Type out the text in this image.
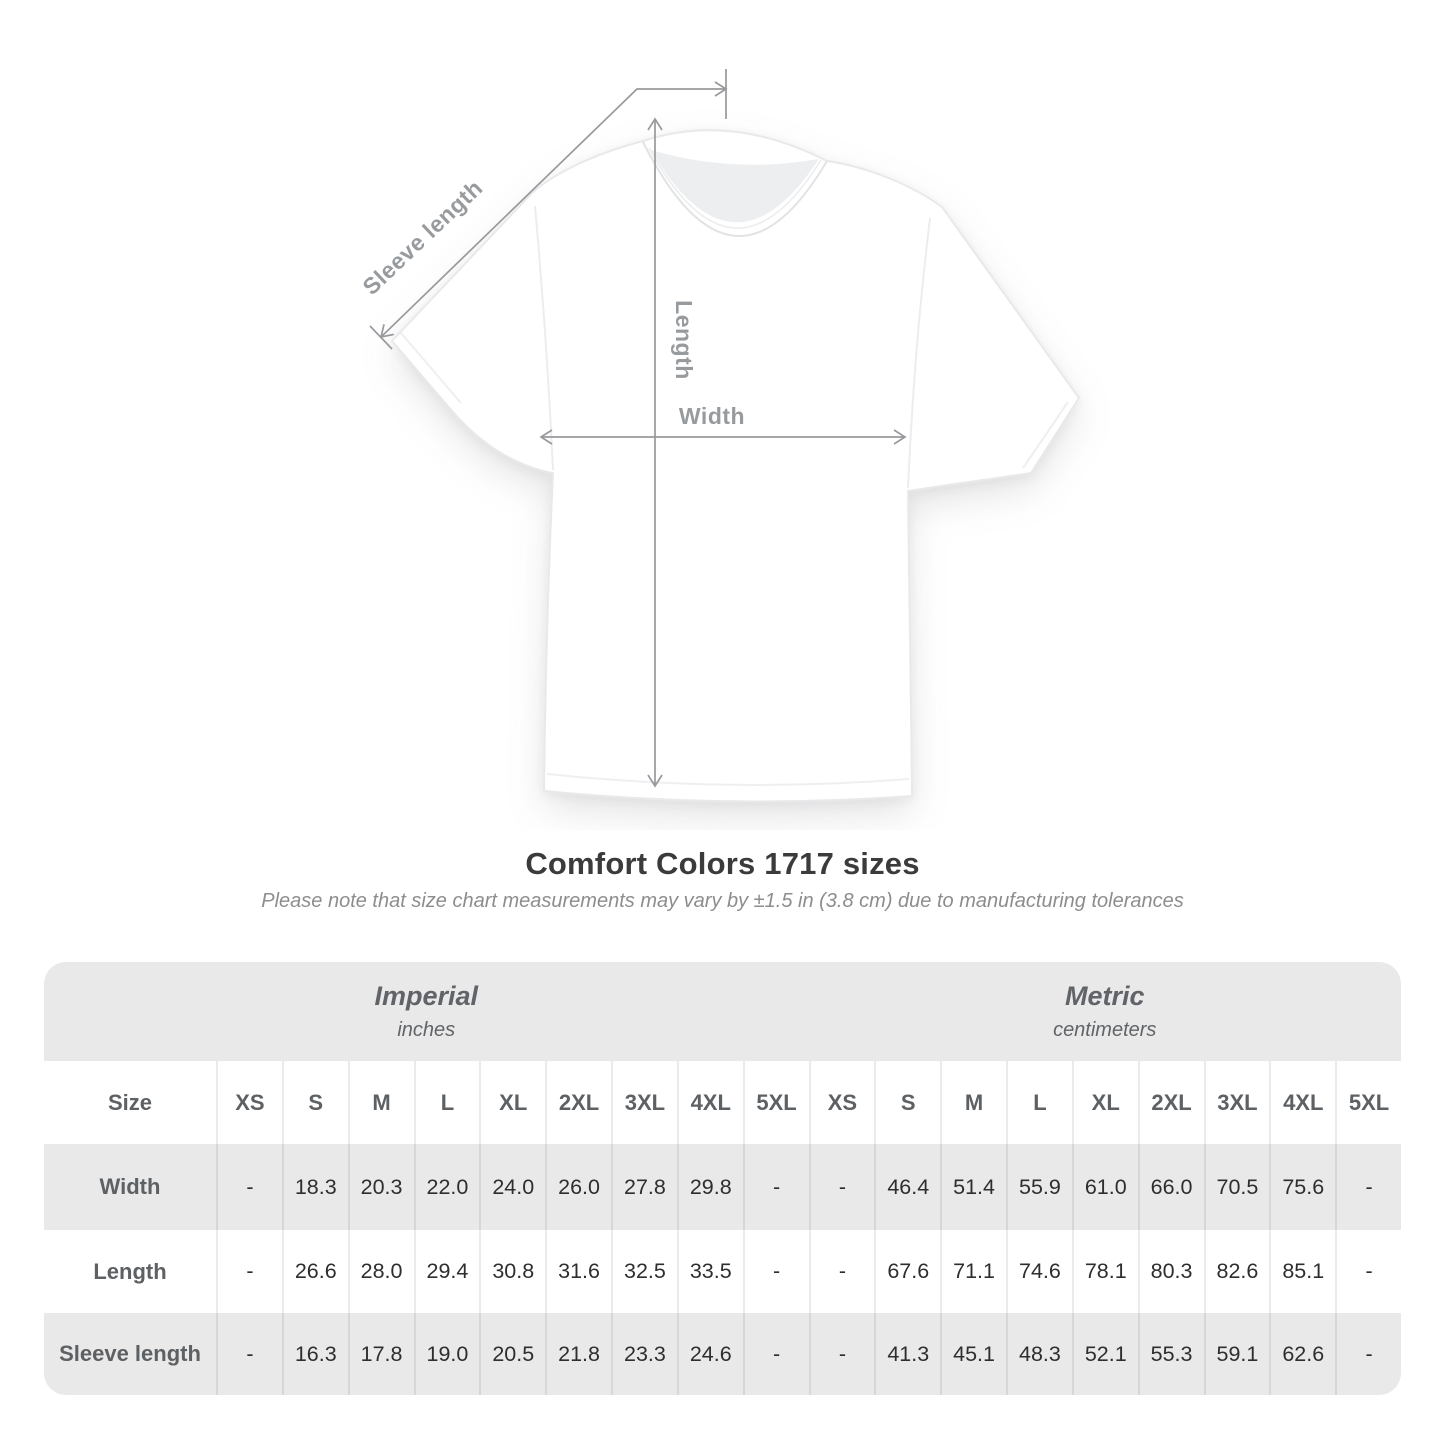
Sleeve length
Length
Width
Comfort Colors 1717 sizes

Please note that size chart measurements may vary by ±1.5 in (3.8 cm) due to manufacturing tolerances

Imperial
inches
Metric
centimeters
Size	XS	S	M	L	XL	2XL	3XL	4XL	5XL	XS	S	M	L	XL	2XL	3XL	4XL	5XL
Width	-	18.3	20.3	22.0	24.0	26.0	27.8	29.8	-	-	46.4	51.4	55.9	61.0	66.0	70.5	75.6	-
Length	-	26.6	28.0	29.4	30.8	31.6	32.5	33.5	-	-	67.6	71.1	74.6	78.1	80.3	82.6	85.1	-
Sleeve length	-	16.3	17.8	19.0	20.5	21.8	23.3	24.6	-	-	41.3	45.1	48.3	52.1	55.3	59.1	62.6	-
